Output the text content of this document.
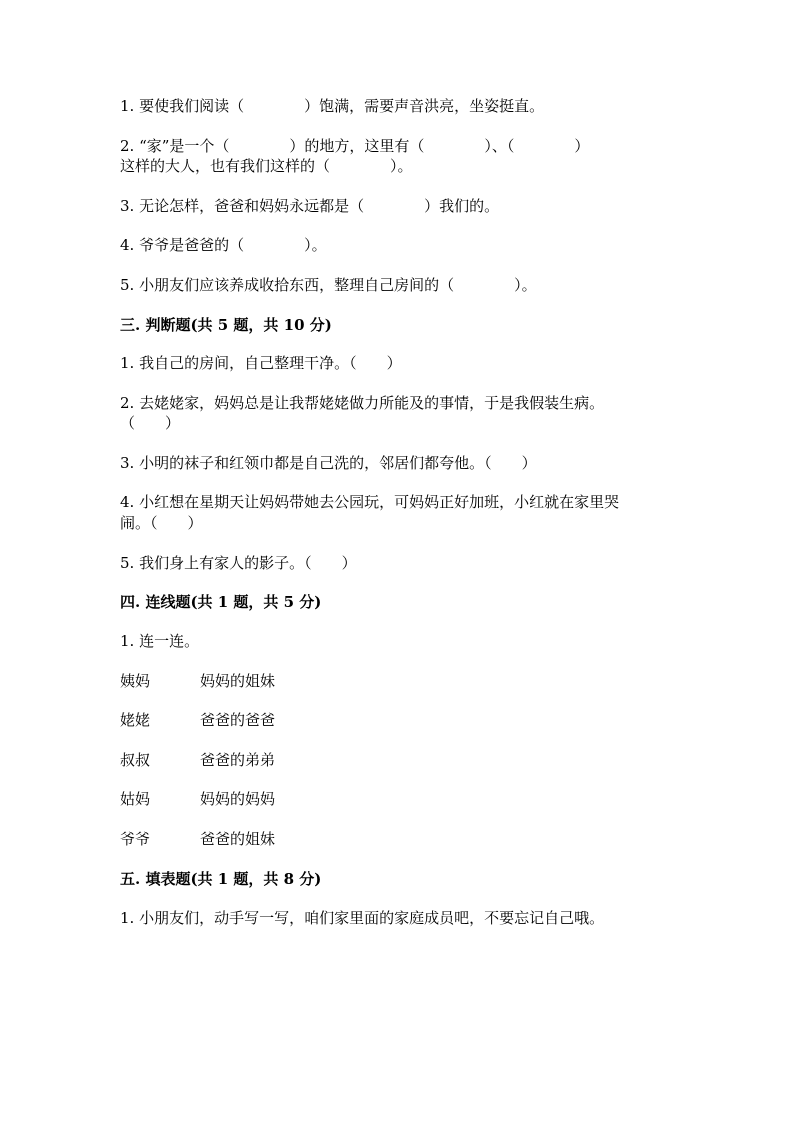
1. 要使我们阅读（　　　　）饱满，需要声音洪亮，坐姿挺直。
2. “家”是一个（　　　　）的地方，这里有（　　　　）、（　　　　）
这样的大人，也有我们这样的（　　　　）。
3. 无论怎样，爸爸和妈妈永远都是（　　　　）我们的。
4. 爷爷是爸爸的（　　　　）。
5. 小朋友们应该养成收拾东西，整理自己房间的（　　　　）。
三. 判断题(共 5 题，共 10 分)
1. 我自己的房间，自己整理干净。（　　）
2. 去姥姥家，妈妈总是让我帮姥姥做力所能及的事情，于是我假装生病。
（　　）
3. 小明的袜子和红领巾都是自己洗的，邻居们都夸他。（　　）
4. 小红想在星期天让妈妈带她去公园玩，可妈妈正好加班，小红就在家里哭
闹。（　　）
5. 我们身上有家人的影子。（　　）
四. 连线题(共 1 题，共 5 分)
1. 连一连。
姨妈	妈妈的姐妹
姥姥	爸爸的爸爸
叔叔	爸爸的弟弟
姑妈	妈妈的妈妈
爷爷	爸爸的姐妹
五. 填表题(共 1 题，共 8 分)
1. 小朋友们，动手写一写，咱们家里面的家庭成员吧，不要忘记自己哦。
